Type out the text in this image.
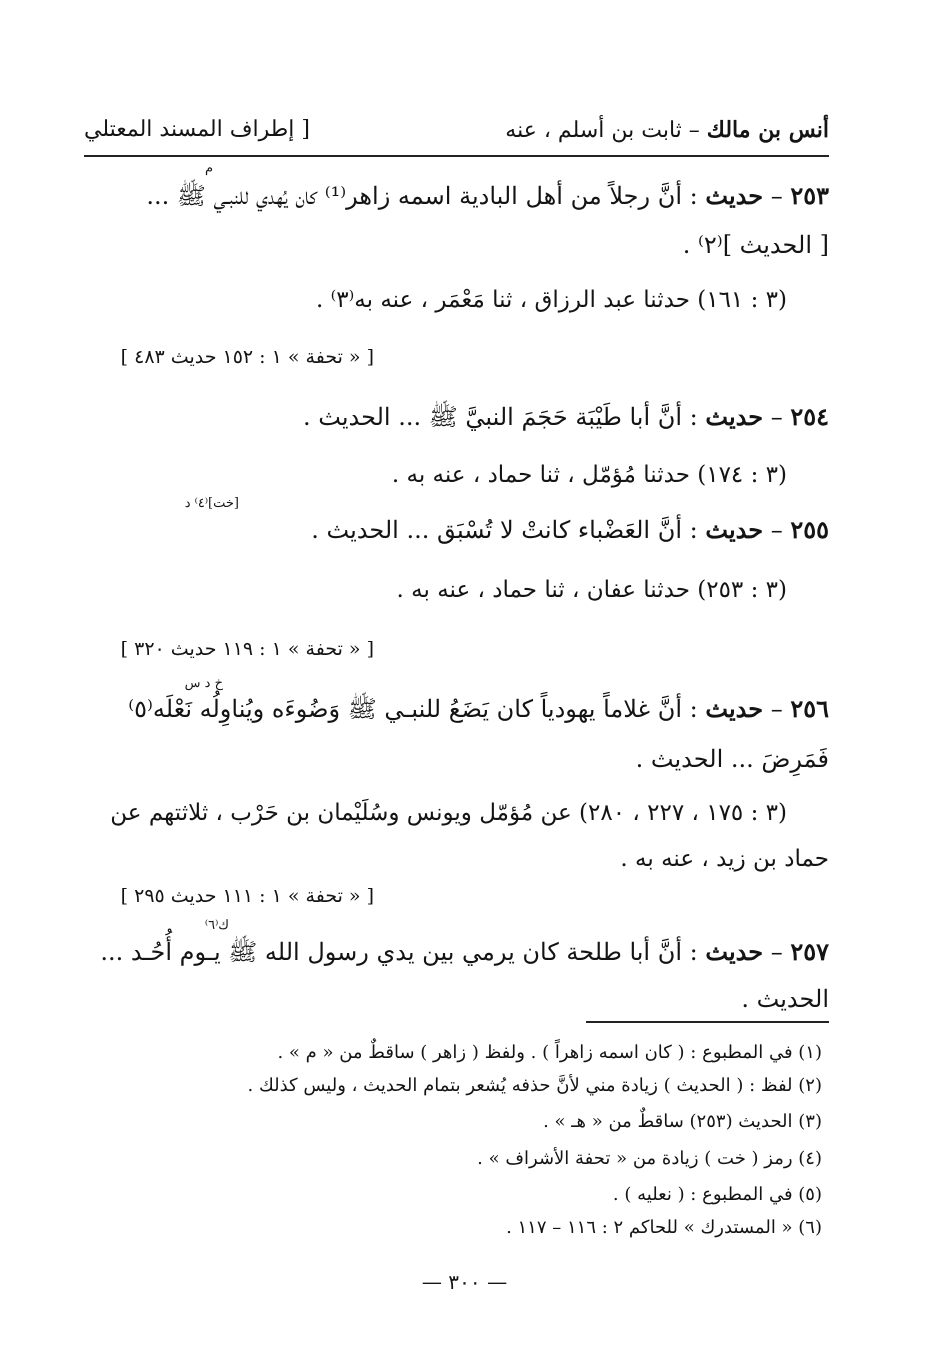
أنس بن مالك – ثابت بن أسلم ، عنه
[ إطراف المسند المعتلي
م
٢٥٣ – حديث : أنَّ رجلاً من أهل البادية اسمه زاهر⁽¹⁾ كان يُهدي للنبـي ﷺ ...
[ الحديث ]⁽٢⁾ .
(٣ : ١٦١) حدثنا عبد الرزاق ، ثنا مَعْمَر ، عنه به⁽٣⁾ .
[ « تحفة » ١ : ١٥٢ حديث ٤٨٣ ]
٢٥٤ – حديث : أنَّ أبا طَيْبَة حَجَمَ النبيَّ ﷺ ... الحديث .
(٣ : ١٧٤) حدثنا مُؤمّل ، ثنا حماد ، عنه به .
[خت]⁽٤⁾ د
٢٥٥ – حديث : أنَّ العَضْباء كانتْ لا تُسْبَق ... الحديث .
(٣ : ٢٥٣) حدثنا عفان ، ثنا حماد ، عنه به .
[ « تحفة » ١ : ١١٩ حديث ٣٢٠ ]
خ د س
٢٥٦ – حديث : أنَّ غلاماً يهودياً كان يَضَعُ للنبـي ﷺ وَضُوءَه ويُناوِلُه نَعْلَه⁽٥⁾
فَمَرِضَ ... الحديث .
(٣ : ١٧٥ ، ٢٢٧ ، ٢٨٠) عن مُؤمّل ويونس وسُلَيْمان بن حَرْب ، ثلاثتهم عن
حماد بن زيد ، عنه به .
[ « تحفة » ١ : ١١١ حديث ٢٩٥ ]
ك⁽٦⁾
٢٥٧ – حديث : أنَّ أبا طلحة كان يرمي بين يدي رسول الله ﷺ يـوم أُحُـد ...
الحديث .
(١) في المطبوع : ( كان اسمه زاهراً ) . ولفظ ( زاهر ) ساقطٌ من « م » .
(٢) لفظ : ( الحديث ) زيادة مني لأنَّ حذفه يُشعر بتمام الحديث ، وليس كذلك .
(٣) الحديث (٢٥٣) ساقطٌ من « هـ » .
(٤) رمز ( خت ) زيادة من « تحفة الأشراف » .
(٥) في المطبوع : ( نعليه ) .
(٦) « المستدرك » للحاكم ٢ : ١١٦ – ١١٧ .
— ٣٠٠ —
